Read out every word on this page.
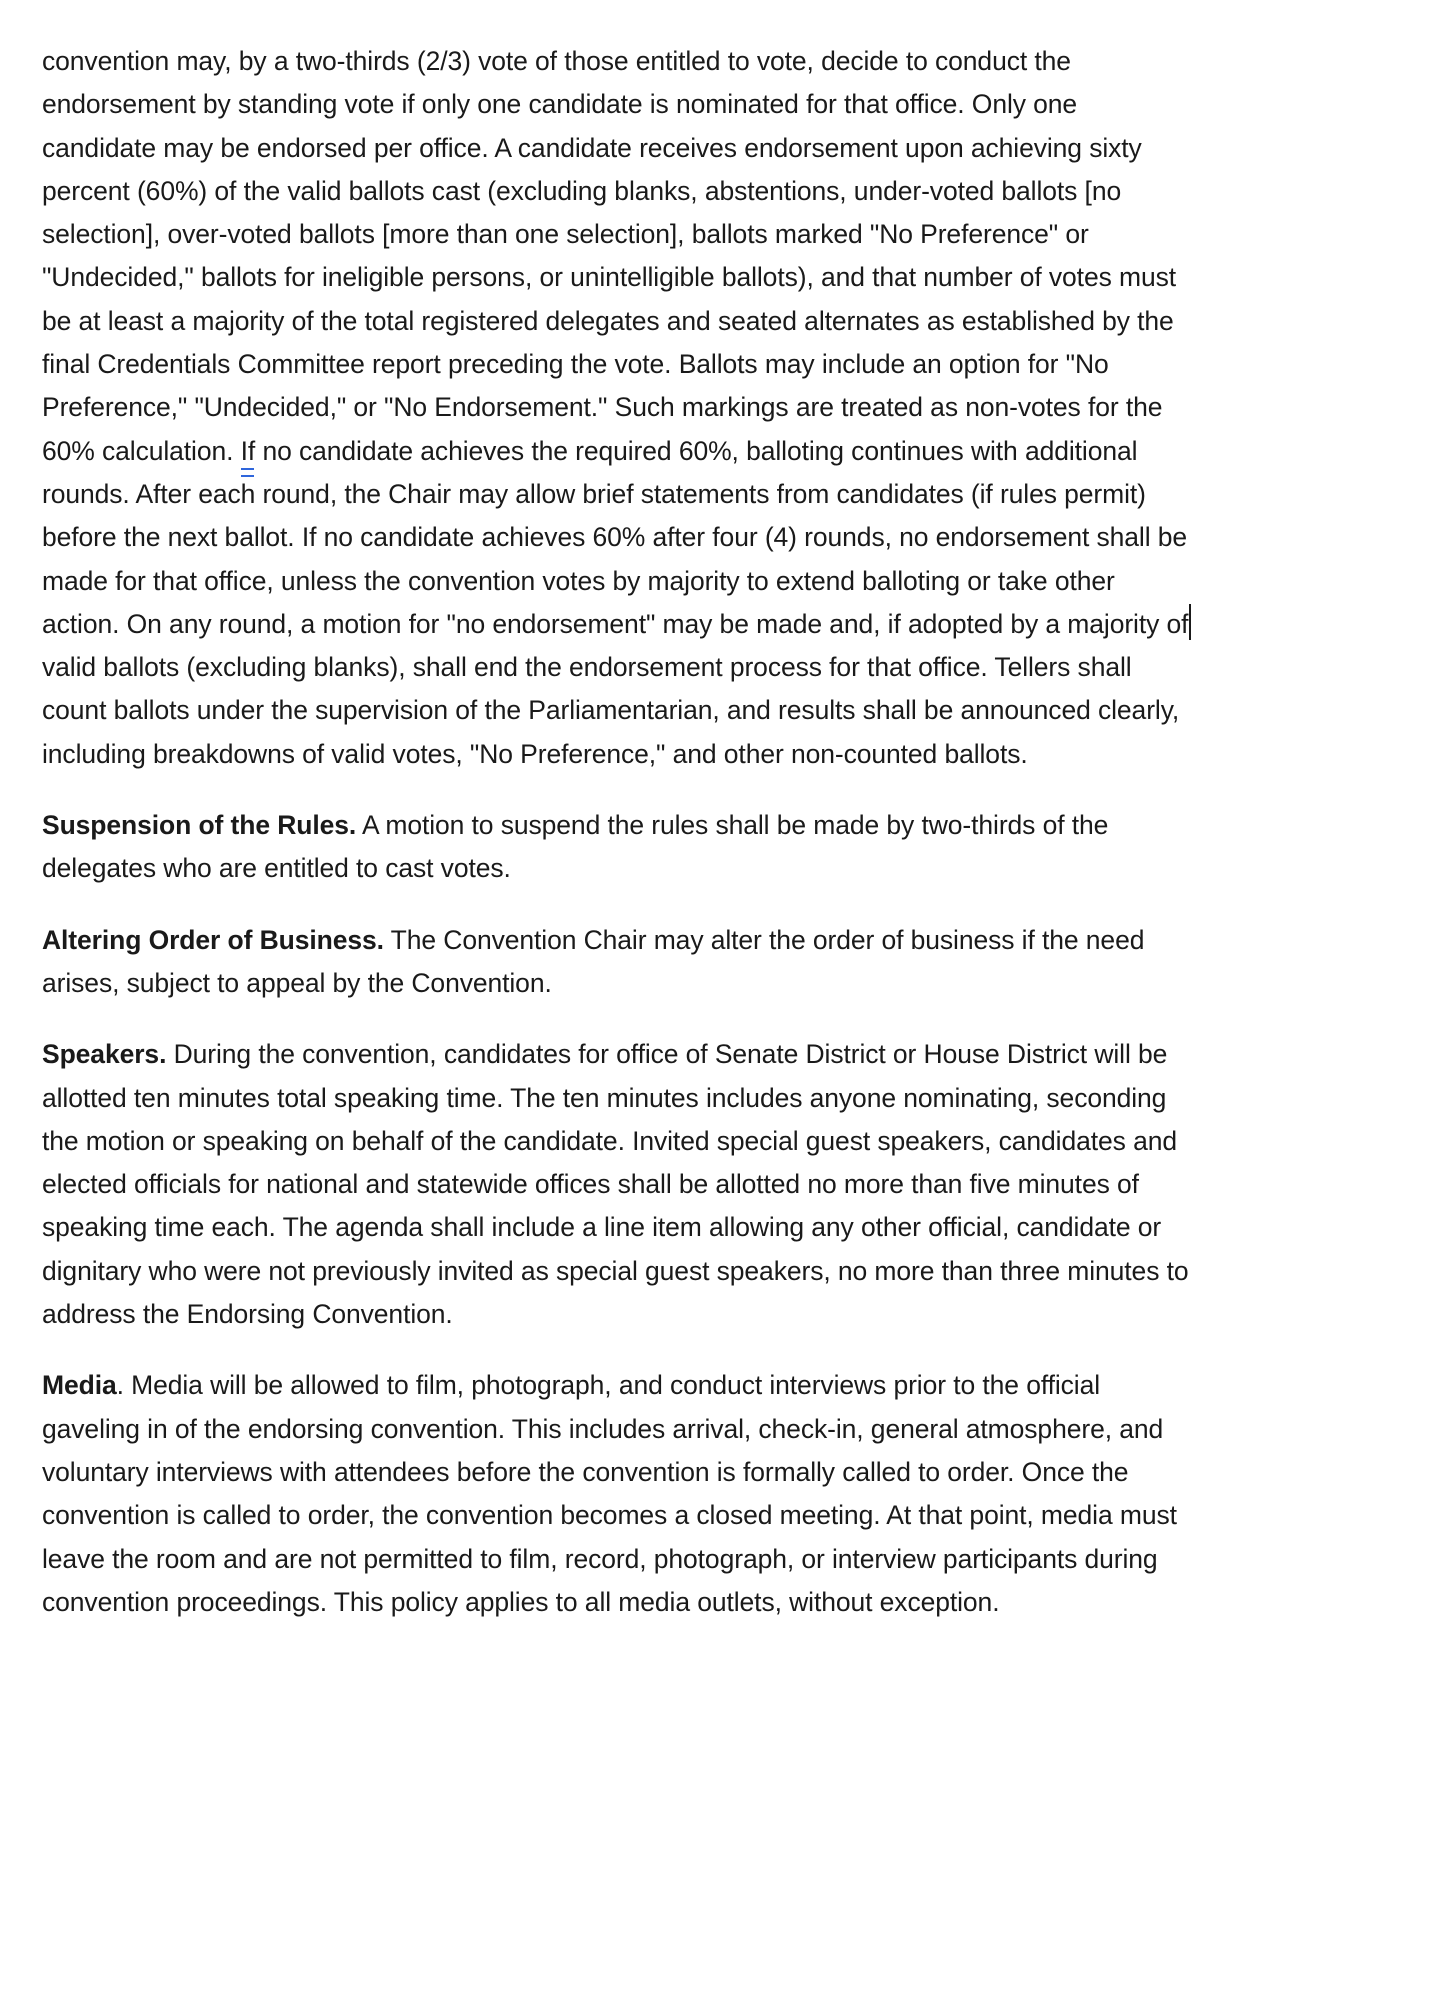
convention may, by a two-thirds (2/3) vote of those entitled to vote, decide to conduct the
endorsement by standing vote if only one candidate is nominated for that office. Only one
candidate may be endorsed per office. A candidate receives endorsement upon achieving sixty
percent (60%) of the valid ballots cast (excluding blanks, abstentions, under-voted ballots [no
selection], over-voted ballots [more than one selection], ballots marked "No Preference" or
"Undecided," ballots for ineligible persons, or unintelligible ballots), and that number of votes must
be at least a majority of the total registered delegates and seated alternates as established by the
final Credentials Committee report preceding the vote. Ballots may include an option for "No
Preference," "Undecided," or "No Endorsement." Such markings are treated as non-votes for the
60% calculation. If no candidate achieves the required 60%, balloting continues with additional
rounds. After each round, the Chair may allow brief statements from candidates (if rules permit)
before the next ballot. If no candidate achieves 60% after four (4) rounds, no endorsement shall be
made for that office, unless the convention votes by majority to extend balloting or take other
action. On any round, a motion for "no endorsement" may be made and, if adopted by a majority of
valid ballots (excluding blanks), shall end the endorsement process for that office. Tellers shall
count ballots under the supervision of the Parliamentarian, and results shall be announced clearly,
including breakdowns of valid votes, "No Preference," and other non-counted ballots.
Suspension of the Rules. A motion to suspend the rules shall be made by two-thirds of the
delegates who are entitled to cast votes.
Altering Order of Business. The Convention Chair may alter the order of business if the need
arises, subject to appeal by the Convention.
Speakers. During the convention, candidates for office of Senate District or House District will be
allotted ten minutes total speaking time. The ten minutes includes anyone nominating, seconding
the motion or speaking on behalf of the candidate. Invited special guest speakers, candidates and
elected officials for national and statewide offices shall be allotted no more than five minutes of
speaking time each. The agenda shall include a line item allowing any other official, candidate or
dignitary who were not previously invited as special guest speakers, no more than three minutes to
address the Endorsing Convention.
Media. Media will be allowed to film, photograph, and conduct interviews prior to the official
gaveling in of the endorsing convention. This includes arrival, check-in, general atmosphere, and
voluntary interviews with attendees before the convention is formally called to order. Once the
convention is called to order, the convention becomes a closed meeting. At that point, media must
leave the room and are not permitted to film, record, photograph, or interview participants during
convention proceedings. This policy applies to all media outlets, without exception.
